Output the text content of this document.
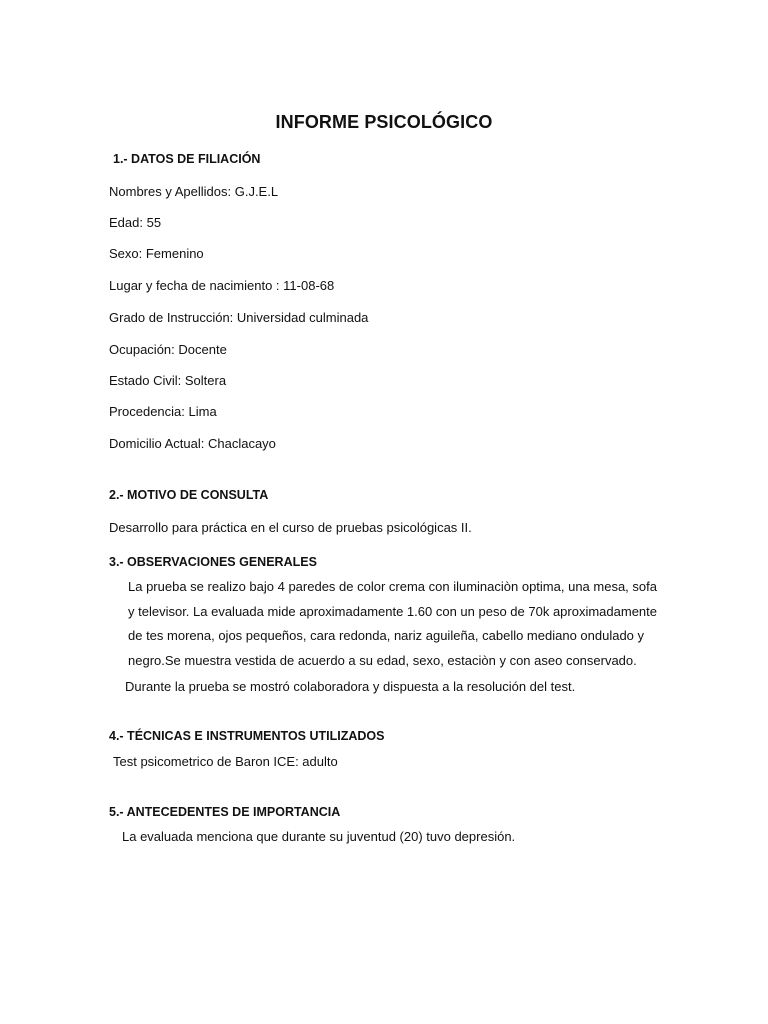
INFORME PSICOLÓGICO
1.- DATOS DE FILIACIÓN
Nombres y Apellidos: G.J.E.L
Edad: 55
Sexo: Femenino
Lugar y fecha de nacimiento : 11-08-68
Grado de Instrucción: Universidad culminada
Ocupación: Docente
Estado Civil: Soltera
Procedencia: Lima
Domicilio Actual: Chaclacayo
2.- MOTIVO DE CONSULTA
Desarrollo para práctica en el curso de pruebas psicológicas II.
3.- OBSERVACIONES GENERALES
La prueba se realizo bajo 4 paredes de color crema con iluminaciòn optima, una mesa, sofa
y televisor. La evaluada mide aproximadamente 1.60 con un peso de 70k aproximadamente
de tes morena, ojos pequeños, cara redonda, nariz aguileña, cabello mediano ondulado y
negro.Se muestra vestida de acuerdo a su edad, sexo, estaciòn y con aseo conservado.
Durante la prueba se mostró colaboradora y dispuesta a la resolución del test.
4.- TÉCNICAS E INSTRUMENTOS UTILIZADOS
Test psicometrico de Baron ICE: adulto
5.- ANTECEDENTES DE IMPORTANCIA
La evaluada menciona que durante su juventud (20) tuvo depresión.
